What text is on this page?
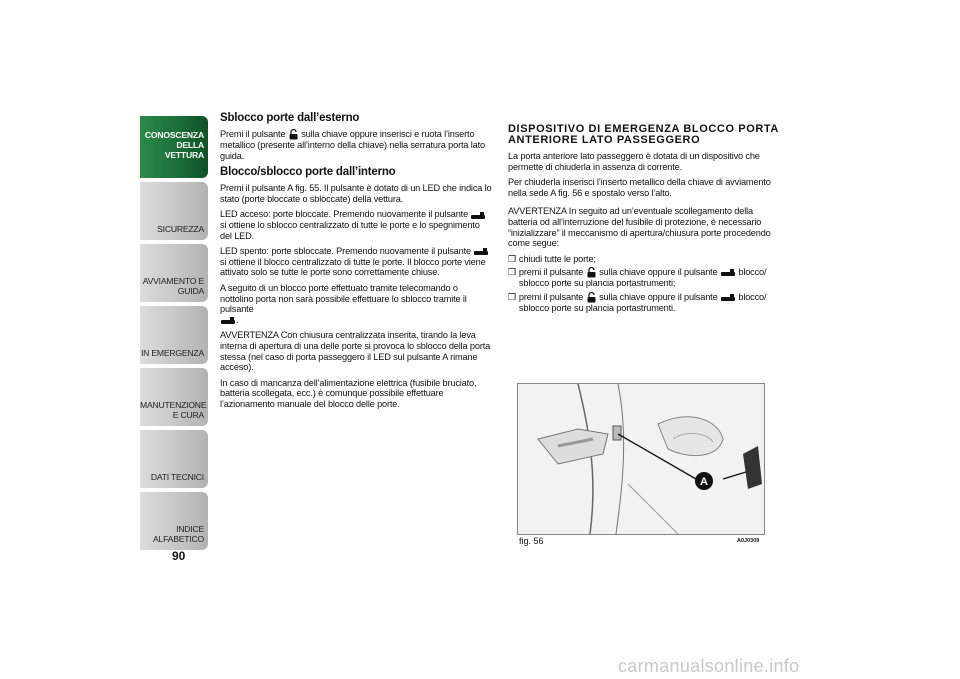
CONOSCENZA DELLA VETTURA
SICUREZZA
AVVIAMENTO E GUIDA
IN EMERGENZA
MANUTENZIONE E CURA
DATI TECNICI
INDICE ALFABETICO
90
Sblocco porte dall’esterno

Premi il pulsante sulla chiave oppure inserisci e ruota l’inserto metallico (presente all’interno della chiave) nella serratura porta lato guida.

Blocco/sblocco porte dall’interno

Premi il pulsante A fig. 55. Il pulsante è dotato di un LED che indica lo stato (porte bloccate o sbloccate) della vettura.

LED acceso: porte bloccate. Premendo nuovamente il pulsante  si ottiene lo sblocco centralizzato di tutte le porte e lo spegnimento del LED.

LED spento: porte sbloccate. Premendo nuovamente il pulsante  si ottiene il blocco centralizzato di tutte le porte. Il blocco porte viene attivato solo se tutte le porte sono correttamente chiuse.

A seguito di un blocco porte effettuato tramite telecomando o nottolino porta non sarà possibile effettuare lo sblocco tramite il pulsante
.

AVVERTENZA Con chiusura centralizzata inserita, tirando la leva interna di apertura di una delle porte si provoca lo sblocco della porta stessa (nel caso di porta passeggero il LED sul pulsante A rimane acceso).

In caso di mancanza dell’alimentazione elettrica (fusibile bruciato, batteria scollegata, ecc.) è comunque possibile effettuare l’azionamento manuale del blocco delle porte.

DISPOSITIVO DI EMERGENZA BLOCCO PORTA ANTERIORE LATO PASSEGGERO

La porta anteriore lato passeggero è dotata di un dispositivo che permette di chiuderla in assenza di corrente.

Per chiuderla inserisci l’inserto metallico della chiave di avviamento nella sede A fig. 56 e spostalo verso l’alto.

AVVERTENZA In seguito ad un’eventuale scollegamento della batteria od all’interruzione del fusibile di protezione, è necessario “inizializzare” il meccanismo di apertura/chiusura porte procedendo come segue:

❒ chiudi tutte le porte;
❒ premi il pulsante sulla chiave oppure il pulsante blocco/ sblocco porte su plancia portastrumenti;
❒ premi il pulsante sulla chiave oppure il pulsante blocco/ sblocco porte su plancia portastrumenti.
A
fig. 56	A0J0309
carmanualsonline.info
